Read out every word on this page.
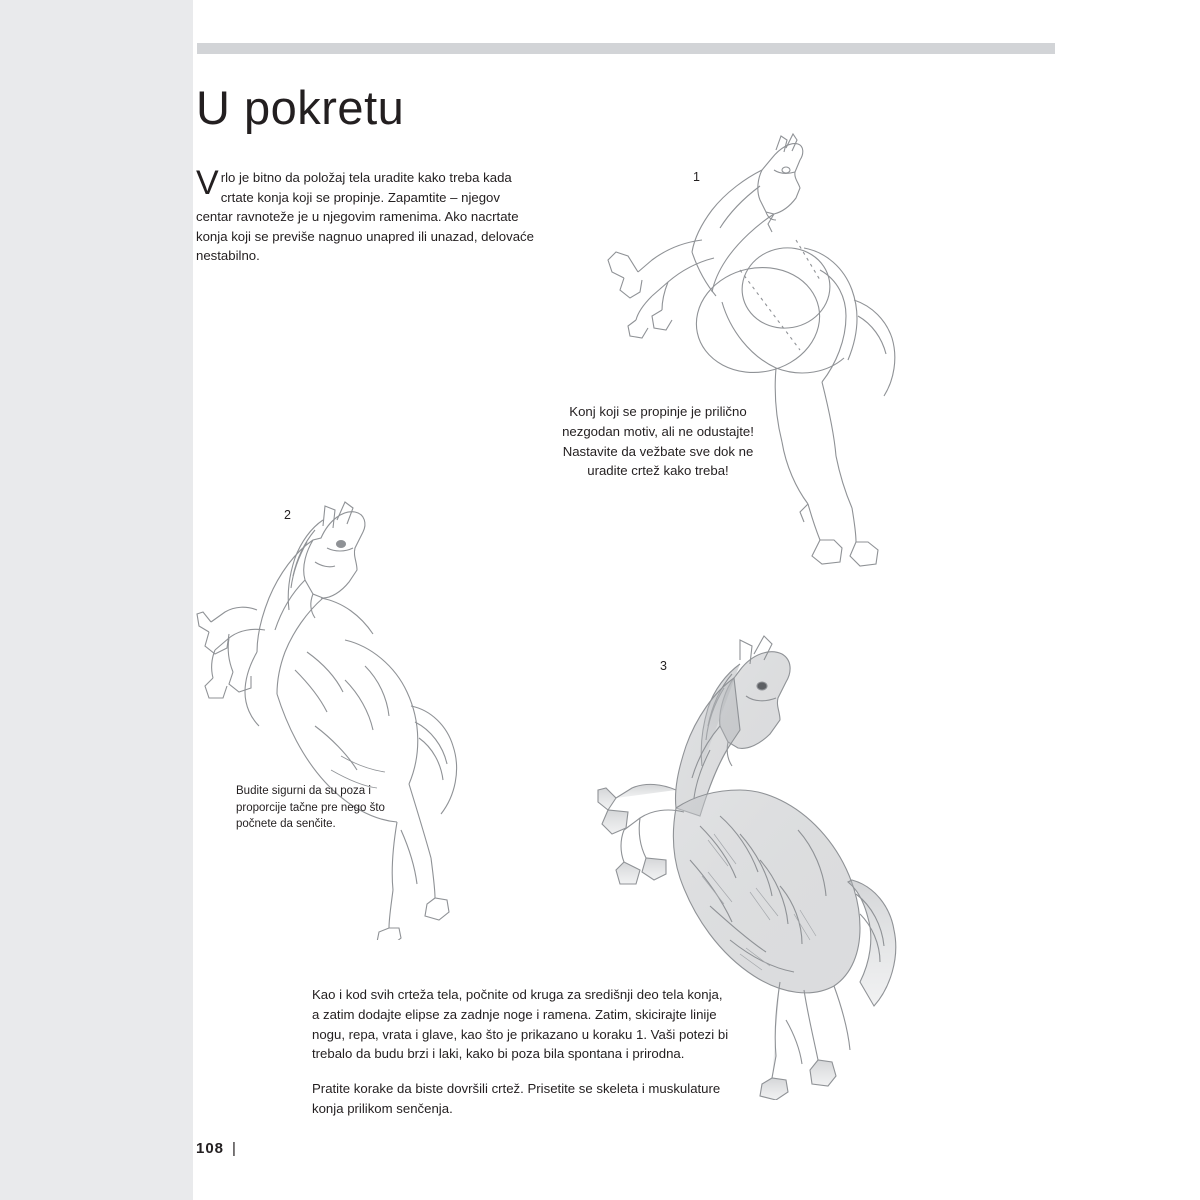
U pokretu
Vrlo je bitno da položaj tela uradite kako treba kada crtate konja koji se propinje. Zapamtite – njegov centar ravnoteže je u njegovim ramenima. Ako nacrtate konja koji se previše nagnuo unapred ili unazad, delovaće nestabilno.
1
2
3
Konj koji se propinje je prilično nezgodan motiv, ali ne odustajte! Nastavite da vežbate sve dok ne uradite crtež kako treba!
Budite sigurni da su poza i proporcije tačne pre nego što počnete da senčite.

Kao i kod svih crteža tela, počnite od kruga za središnji deo tela konja, a zatim dodajte elipse za zadnje noge i ramena. Zatim, skicirajte linije nogu, repa, vrata i glave, kao što je prikazano u koraku 1. Vaši potezi bi trebalo da budu brzi i laki, kako bi poza bila spontana i prirodna.

Pratite korake da biste dovršili crtež. Prisetite se skeleta i muskulature konja prilikom senčenja.

108 |
